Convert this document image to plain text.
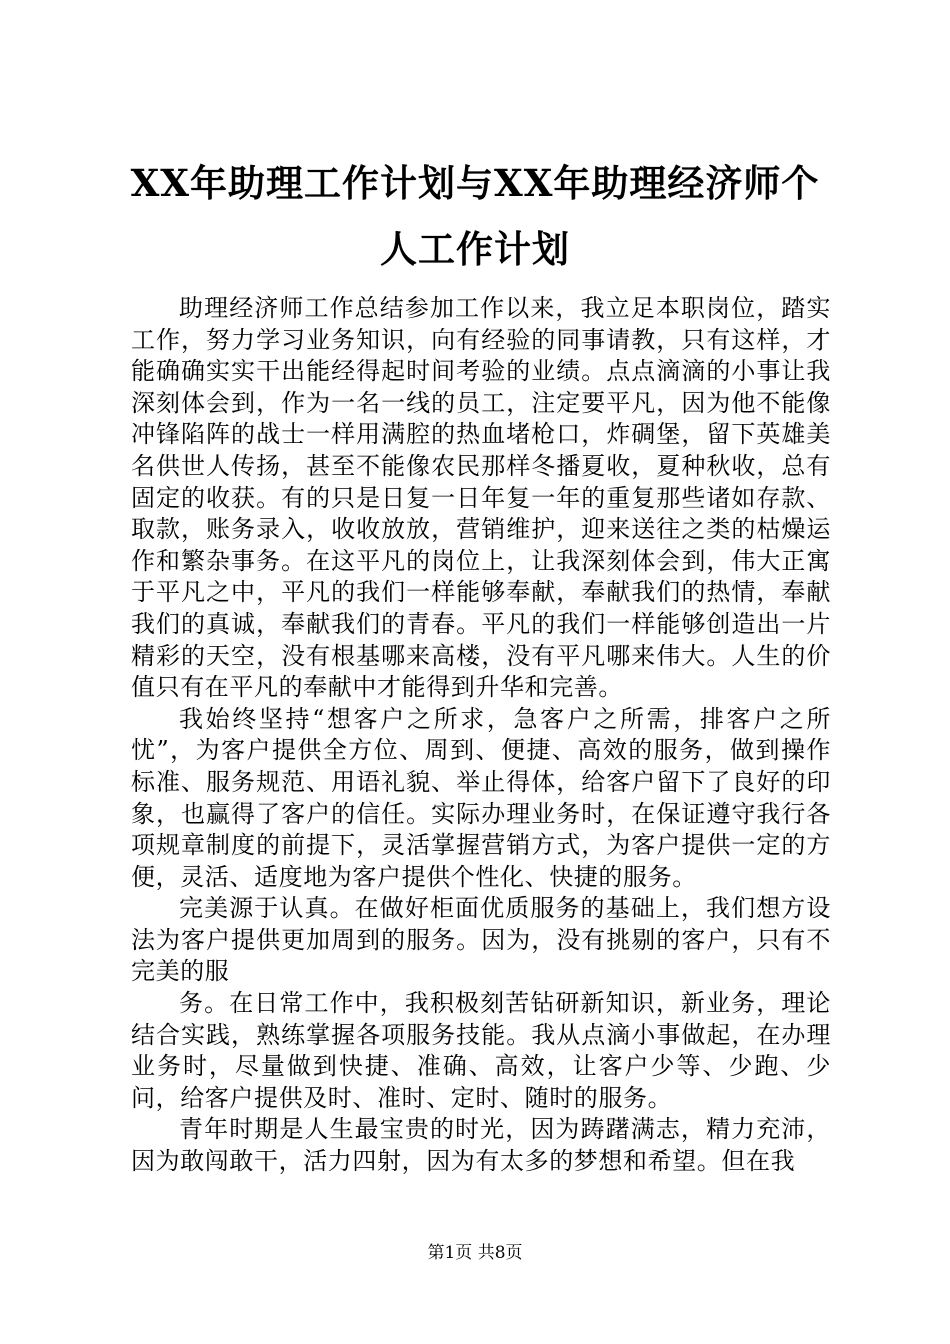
XX年助理工作计划与XX年助理经济师个人工作计划

助理经济师工作总结参加工作以来，我立足本职岗位，踏实工作，努力学习业务知识，向有经验的同事请教，只有这样，才能确确实实干出能经得起时间考验的业绩。点点滴滴的小事让我深刻体会到，作为一名一线的员工，注定要平凡，因为他不能像冲锋陷阵的战士一样用满腔的热血堵枪口，炸碉堡，留下英雄美名供世人传扬，甚至不能像农民那样冬播夏收，夏种秋收，总有固定的收获。有的只是日复一日年复一年的重复那些诸如存款、取款，账务录入，收收放放，营销维护，迎来送往之类的枯燥运作和繁杂事务。在这平凡的岗位上，让我深刻体会到，伟大正寓于平凡之中，平凡的我们一样能够奉献，奉献我们的热情，奉献我们的真诚，奉献我们的青春。平凡的我们一样能够创造出一片精彩的天空，没有根基哪来高楼，没有平凡哪来伟大。人生的价值只有在平凡的奉献中才能得到升华和完善。

我始终坚持“想客户之所求，急客户之所需，排客户之所忧”，为客户提供全方位、周到、便捷、高效的服务，做到操作标准、服务规范、用语礼貌、举止得体，给客户留下了良好的印象，也赢得了客户的信任。实际办理业务时，在保证遵守我行各项规章制度的前提下，灵活掌握营销方式，为客户提供一定的方便，灵活、适度地为客户提供个性化、快捷的服务。

完美源于认真。在做好柜面优质服务的基础上，我们想方设法为客户提供更加周到的服务。因为，没有挑剔的客户，只有不完美的服

务。在日常工作中，我积极刻苦钻研新知识，新业务，理论结合实践，熟练掌握各项服务技能。我从点滴小事做起，在办理业务时，尽量做到快捷、准确、高效，让客户少等、少跑、少问，给客户提供及时、准时、定时、随时的服务。

青年时期是人生最宝贵的时光，因为踌躇满志，精力充沛，因为敢闯敢干，活力四射，因为有太多的梦想和希望。但在我

第1页 共8页
